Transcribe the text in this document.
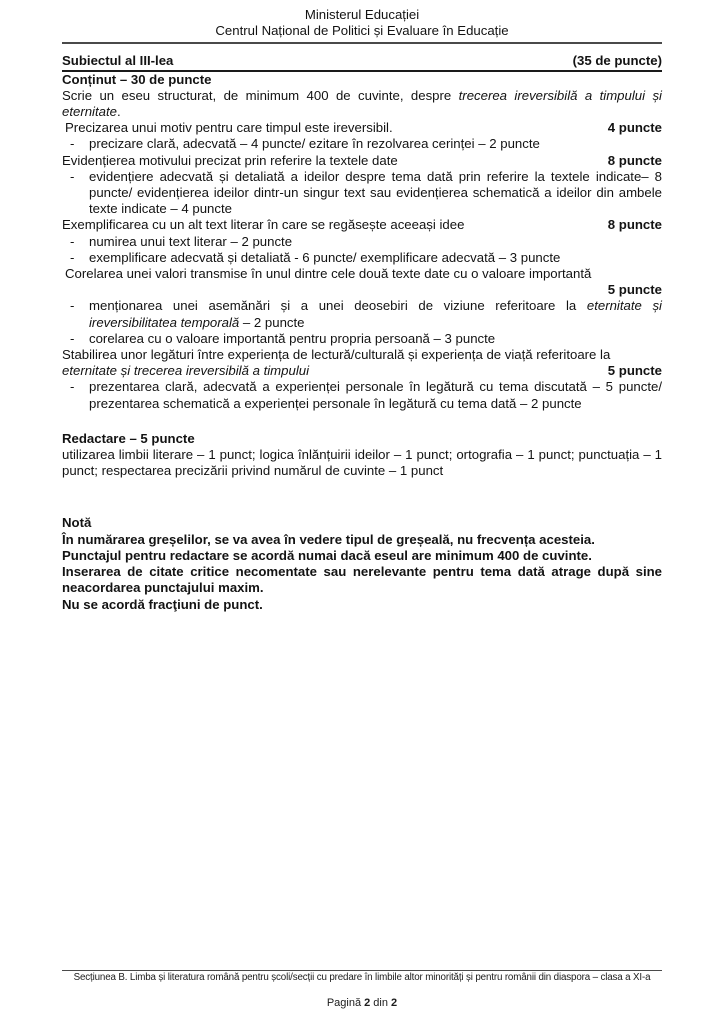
Ministerul Educației
Centrul Național de Politici și Evaluare în Educație
Subiectul al III-lea	(35 de puncte)
Conținut – 30 de puncte
Scrie un eseu structurat, de minimum 400 de cuvinte, despre trecerea ireversibilă a timpului și eternitate.
Precizarea unui motiv pentru care timpul este ireversibil.	4 puncte
-	precizare clară, adecvată – 4 puncte/ ezitare în rezolvarea cerinței – 2 puncte
Evidențierea motivului precizat prin referire la textele date	8 puncte
-	evidențiere adecvată și detaliată a ideilor despre tema dată prin referire la textele indicate– 8 puncte/ evidențierea ideilor dintr-un singur text sau evidențierea schematică a ideilor din ambele texte indicate – 4 puncte
Exemplificarea cu un alt text literar în care se regăsește aceeași idee	8 puncte
-	numirea unui text literar – 2 puncte
-	exemplificare adecvată și detaliată - 6 puncte/ exemplificare adecvată – 3 puncte
Corelarea unei valori transmise în unul dintre cele două texte date cu o valoare importantă
5 puncte
-	menționarea unei asemănări și a unei deosebiri de viziune referitoare la eternitate și ireversibilitatea temporală – 2 puncte
-	corelarea cu o valoare importantă pentru propria persoană – 3 puncte
Stabilirea unor legături între experiența de lectură/culturală și experiența de viață referitoare la
eternitate și trecerea ireversibilă a timpului	5 puncte
-	prezentarea clară, adecvată a experienței personale în legătură cu tema discutată – 5 puncte/ prezentarea schematică a experienței personale în legătură cu tema dată – 2 puncte
Redactare – 5 puncte
utilizarea limbii literare – 1 punct; logica înlănțuirii ideilor – 1 punct; ortografia – 1 punct; punctuația – 1 punct; respectarea precizării privind numărul de cuvinte – 1 punct
Notă
În numărarea greșelilor, se va avea în vedere tipul de greșeală, nu frecvența acesteia.
Punctajul pentru redactare se acordă numai dacă eseul are minimum 400 de cuvinte.
Inserarea de citate critice necomentate sau nerelevante pentru tema dată atrage după sine neacordarea punctajului maxim.
Nu se acordă fracţiuni de punct.
Secțiunea B. Limba și literatura română pentru școli/secții cu predare în limbile altor minorități și pentru românii din diaspora – clasa a XI-a
Pagină 2 din 2
